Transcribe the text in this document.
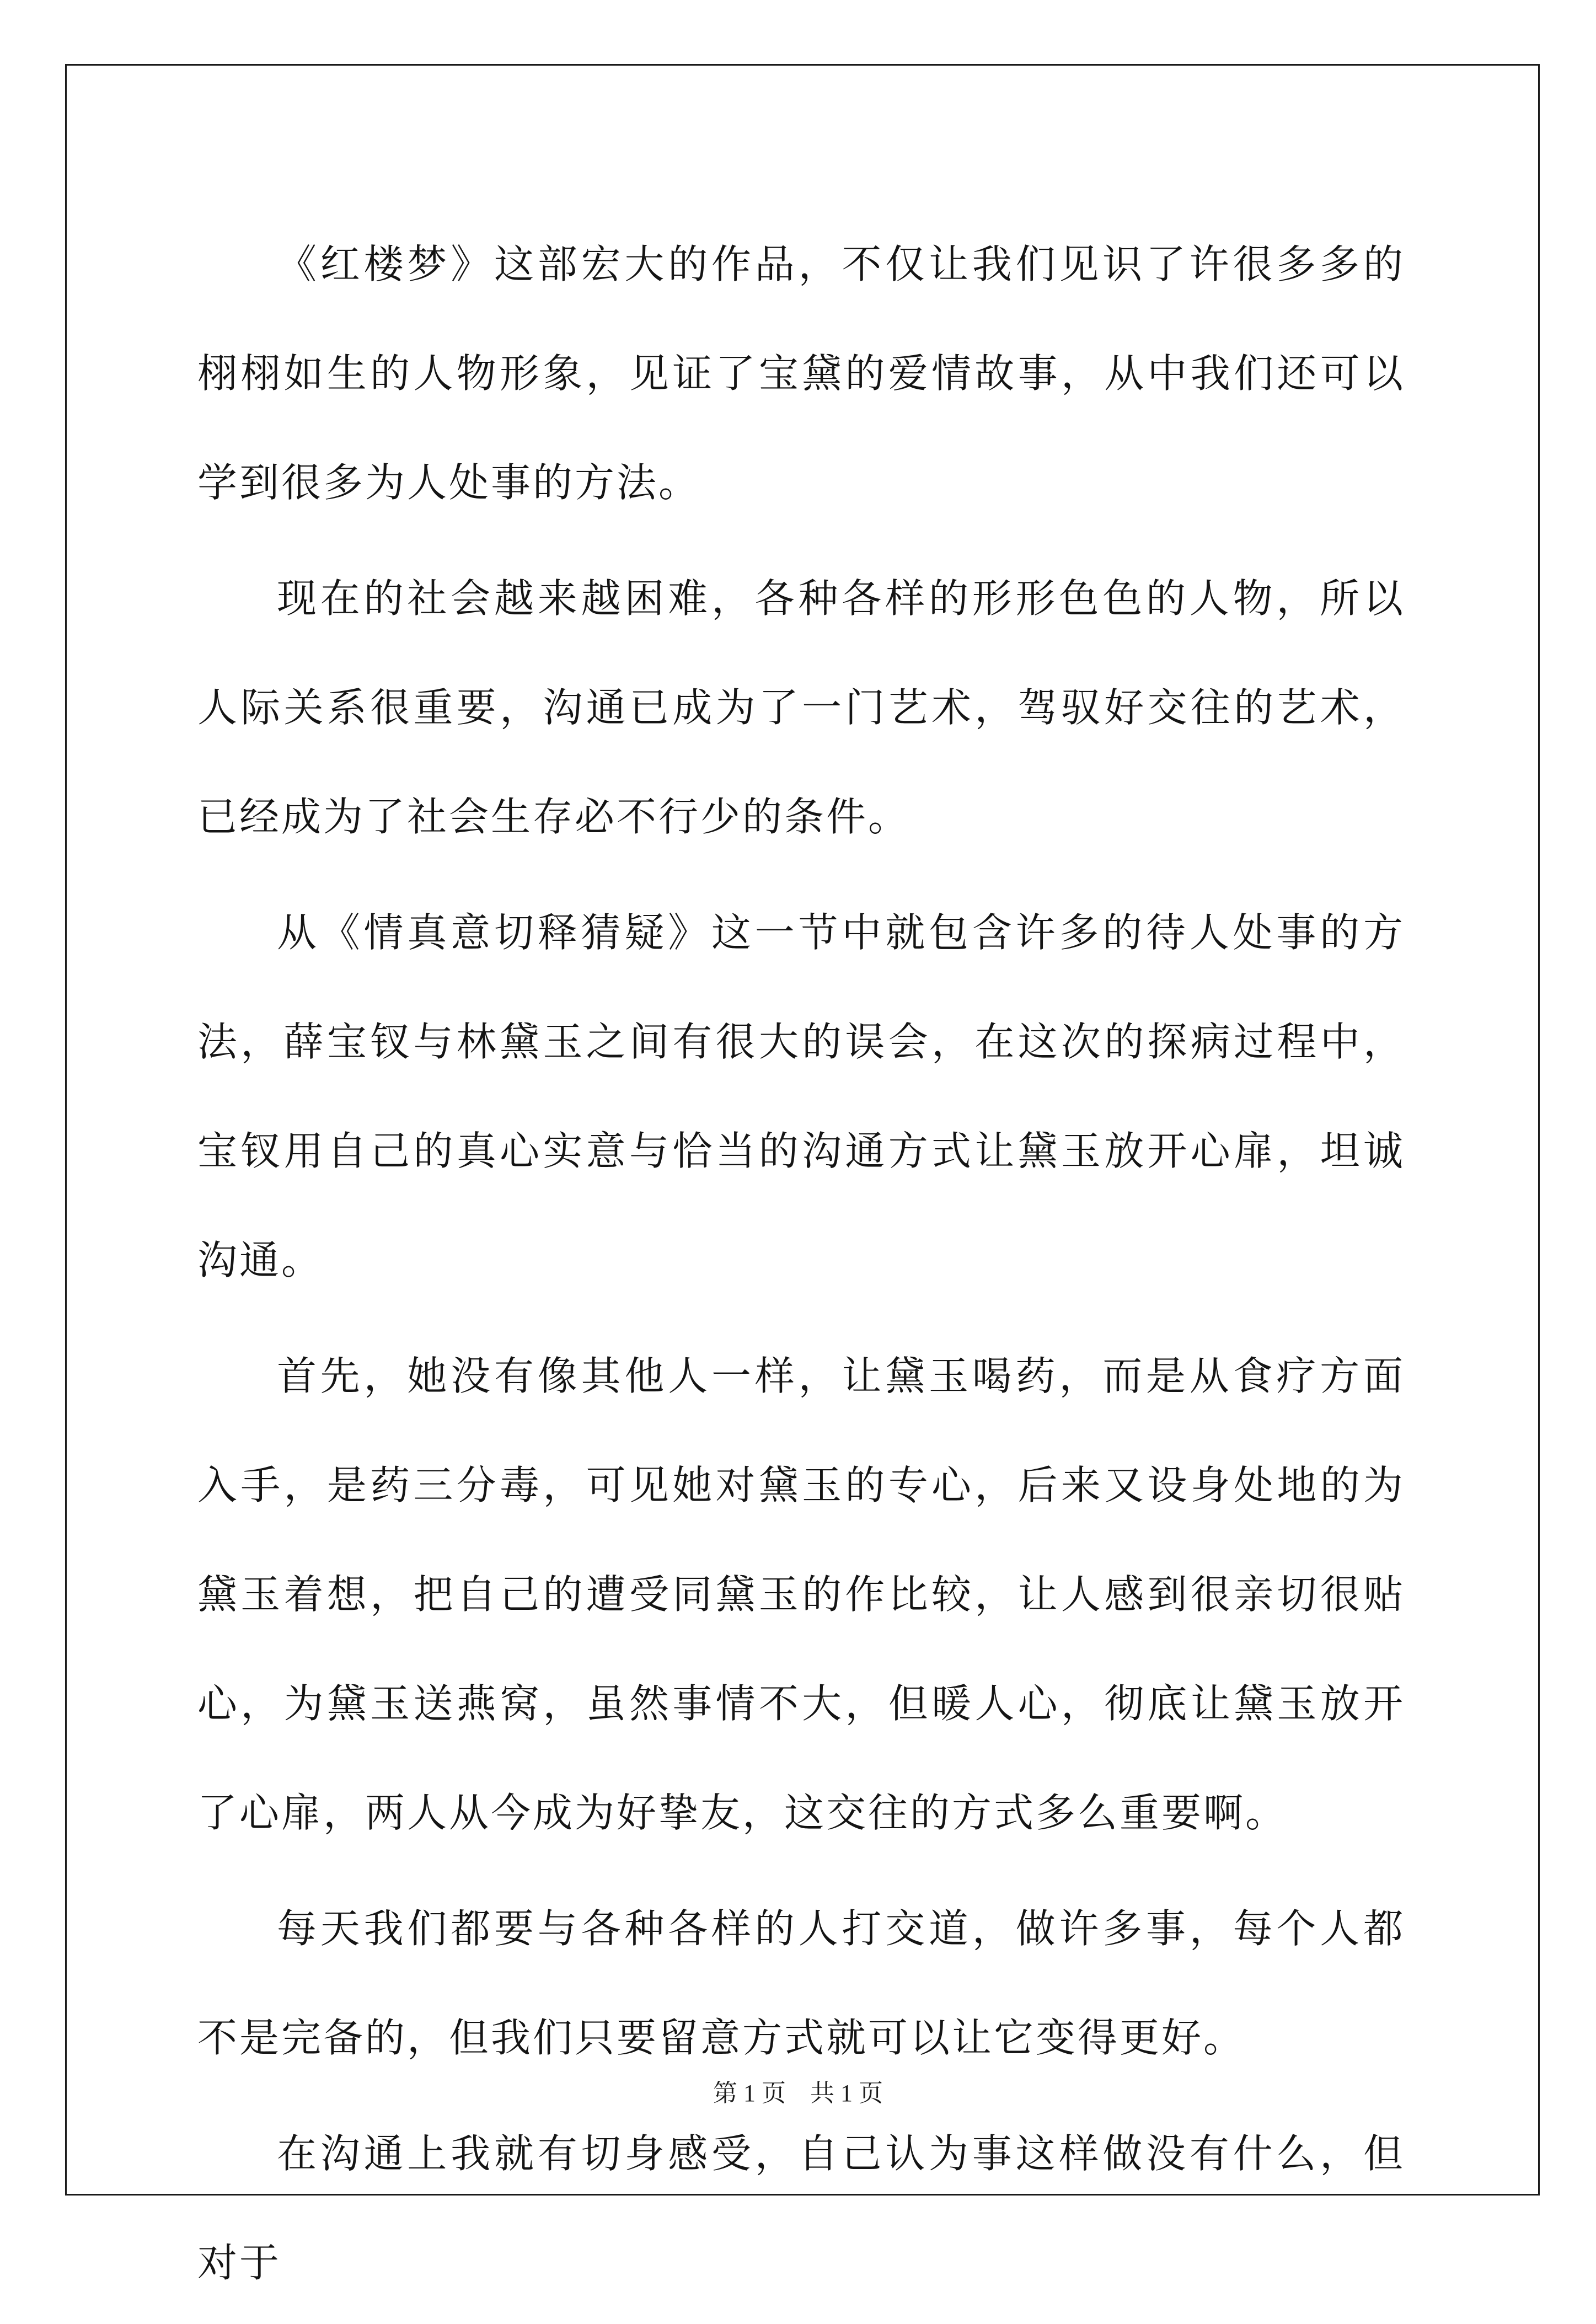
《红楼梦》这部宏大的作品，不仅让我们见识了许很多多的栩栩如生的人物形象，见证了宝黛的爱情故事，从中我们还可以学到很多为人处事的方法。

现在的社会越来越困难，各种各样的形形色色的人物，所以人际关系很重要，沟通已成为了一门艺术，驾驭好交往的艺术，已经成为了社会生存必不行少的条件。

从《情真意切释猜疑》这一节中就包含许多的待人处事的方法，薛宝钗与林黛玉之间有很大的误会，在这次的探病过程中，宝钗用自己的真心实意与恰当的沟通方式让黛玉放开心扉，坦诚沟通。

首先，她没有像其他人一样，让黛玉喝药，而是从食疗方面入手，是药三分毒，可见她对黛玉的专心，后来又设身处地的为黛玉着想，把自己的遭受同黛玉的作比较，让人感到很亲切很贴心，为黛玉送燕窝，虽然事情不大，但暖人心，彻底让黛玉放开了心扉，两人从今成为好挚友，这交往的方式多么重要啊。

每天我们都要与各种各样的人打交道，做许多事，每个人都不是完备的，但我们只要留意方式就可以让它变得更好。

在沟通上我就有切身感受，自己认为事这样做没有什么，但对于

第 1 页　共 1 页
